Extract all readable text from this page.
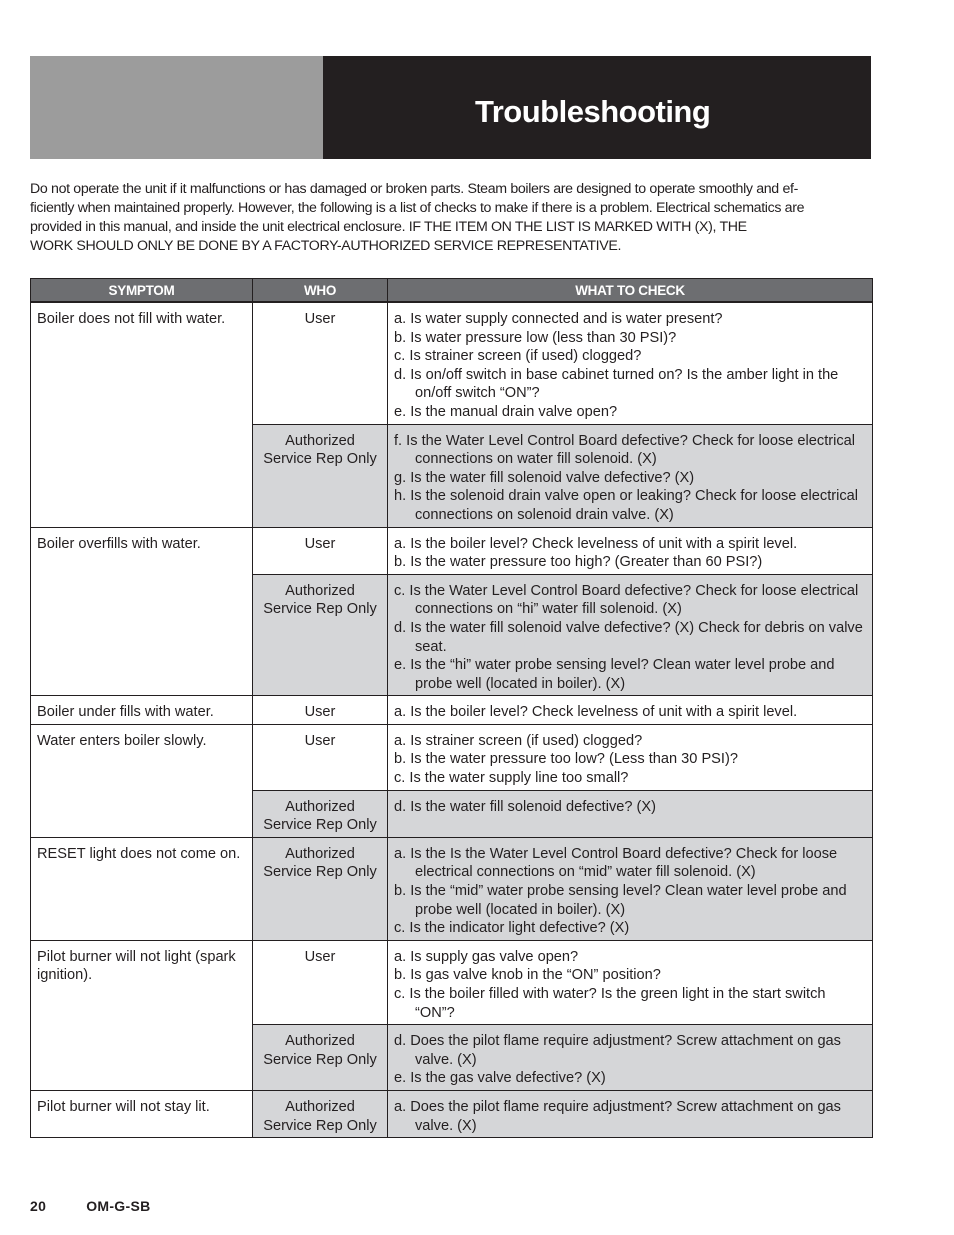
Troubleshooting
Do not operate the unit if it malfunctions or has damaged or broken parts. Steam boilers are designed to operate smoothly and ef-
ficiently when maintained properly. However, the following is a list of checks to make if there is a problem. Electrical schematics are
provided in this manual, and inside the unit electrical enclosure. IF THE ITEM ON THE LIST IS MARKED WITH (X), THE
WORK SHOULD ONLY BE DONE BY A FACTORY-AUTHORIZED SERVICE REPRESENTATIVE.
SYMPTOM	WHO	WHAT TO CHECK
Boiler does not fill with water.	User	a. Is water supply connected and is water present?

b. Is water pressure low (less than 30 PSI)?

c. Is strainer screen (if used) clogged?

d. Is on/off switch in base cabinet turned on? Is the amber light in the on/off switch “ON”?

e. Is the manual drain valve open?

	Authorized Service Rep Only	f. Is the Water Level Control Board defective? Check for loose electrical connections on water fill solenoid. (X)

g. Is the water fill solenoid valve defective? (X)

h. Is the solenoid drain valve open or leaking? Check for loose electrical connections on solenoid drain valve. (X)

Boiler overfills with water.	User	a. Is the boiler level? Check levelness of unit with a spirit level.

b. Is the water pressure too high? (Greater than 60 PSI?)

	Authorized Service Rep Only	c. Is the Water Level Control Board defective? Check for loose electrical connections on “hi” water fill solenoid. (X)

d. Is the water fill solenoid valve defective? (X) Check for debris on valve seat.

e. Is the “hi” water probe sensing level? Clean water level probe and probe well (located in boiler). (X)

Boiler under fills with water.	User	a. Is the boiler level? Check levelness of unit with a spirit level.

Water enters boiler slowly.	User	a. Is strainer screen (if used) clogged?

b. Is the water pressure too low? (Less than 30 PSI)?

c. Is the water supply line too small?

	Authorized Service Rep Only	d. Is the water fill solenoid defective? (X)

RESET light does not come on.	Authorized Service Rep Only	a. Is the Is the Water Level Control Board defective? Check for loose electrical connections on “mid” water fill solenoid. (X)

b. Is the “mid” water probe sensing level? Clean water level probe and probe well (located in boiler). (X)

c. Is the indicator light defective? (X)

Pilot burner will not light (spark ignition).	User	a. Is supply gas valve open?

b. Is gas valve knob in the “ON” position?

c. Is the boiler filled with water? Is the green light in the start switch “ON”?

	Authorized Service Rep Only	d. Does the pilot flame require adjustment? Screw attachment on gas valve. (X)

e. Is the gas valve defective? (X)

Pilot burner will not stay lit.	Authorized Service Rep Only	a. Does the pilot flame require adjustment? Screw attachment on gas valve. (X)

20	OM-G-SB
